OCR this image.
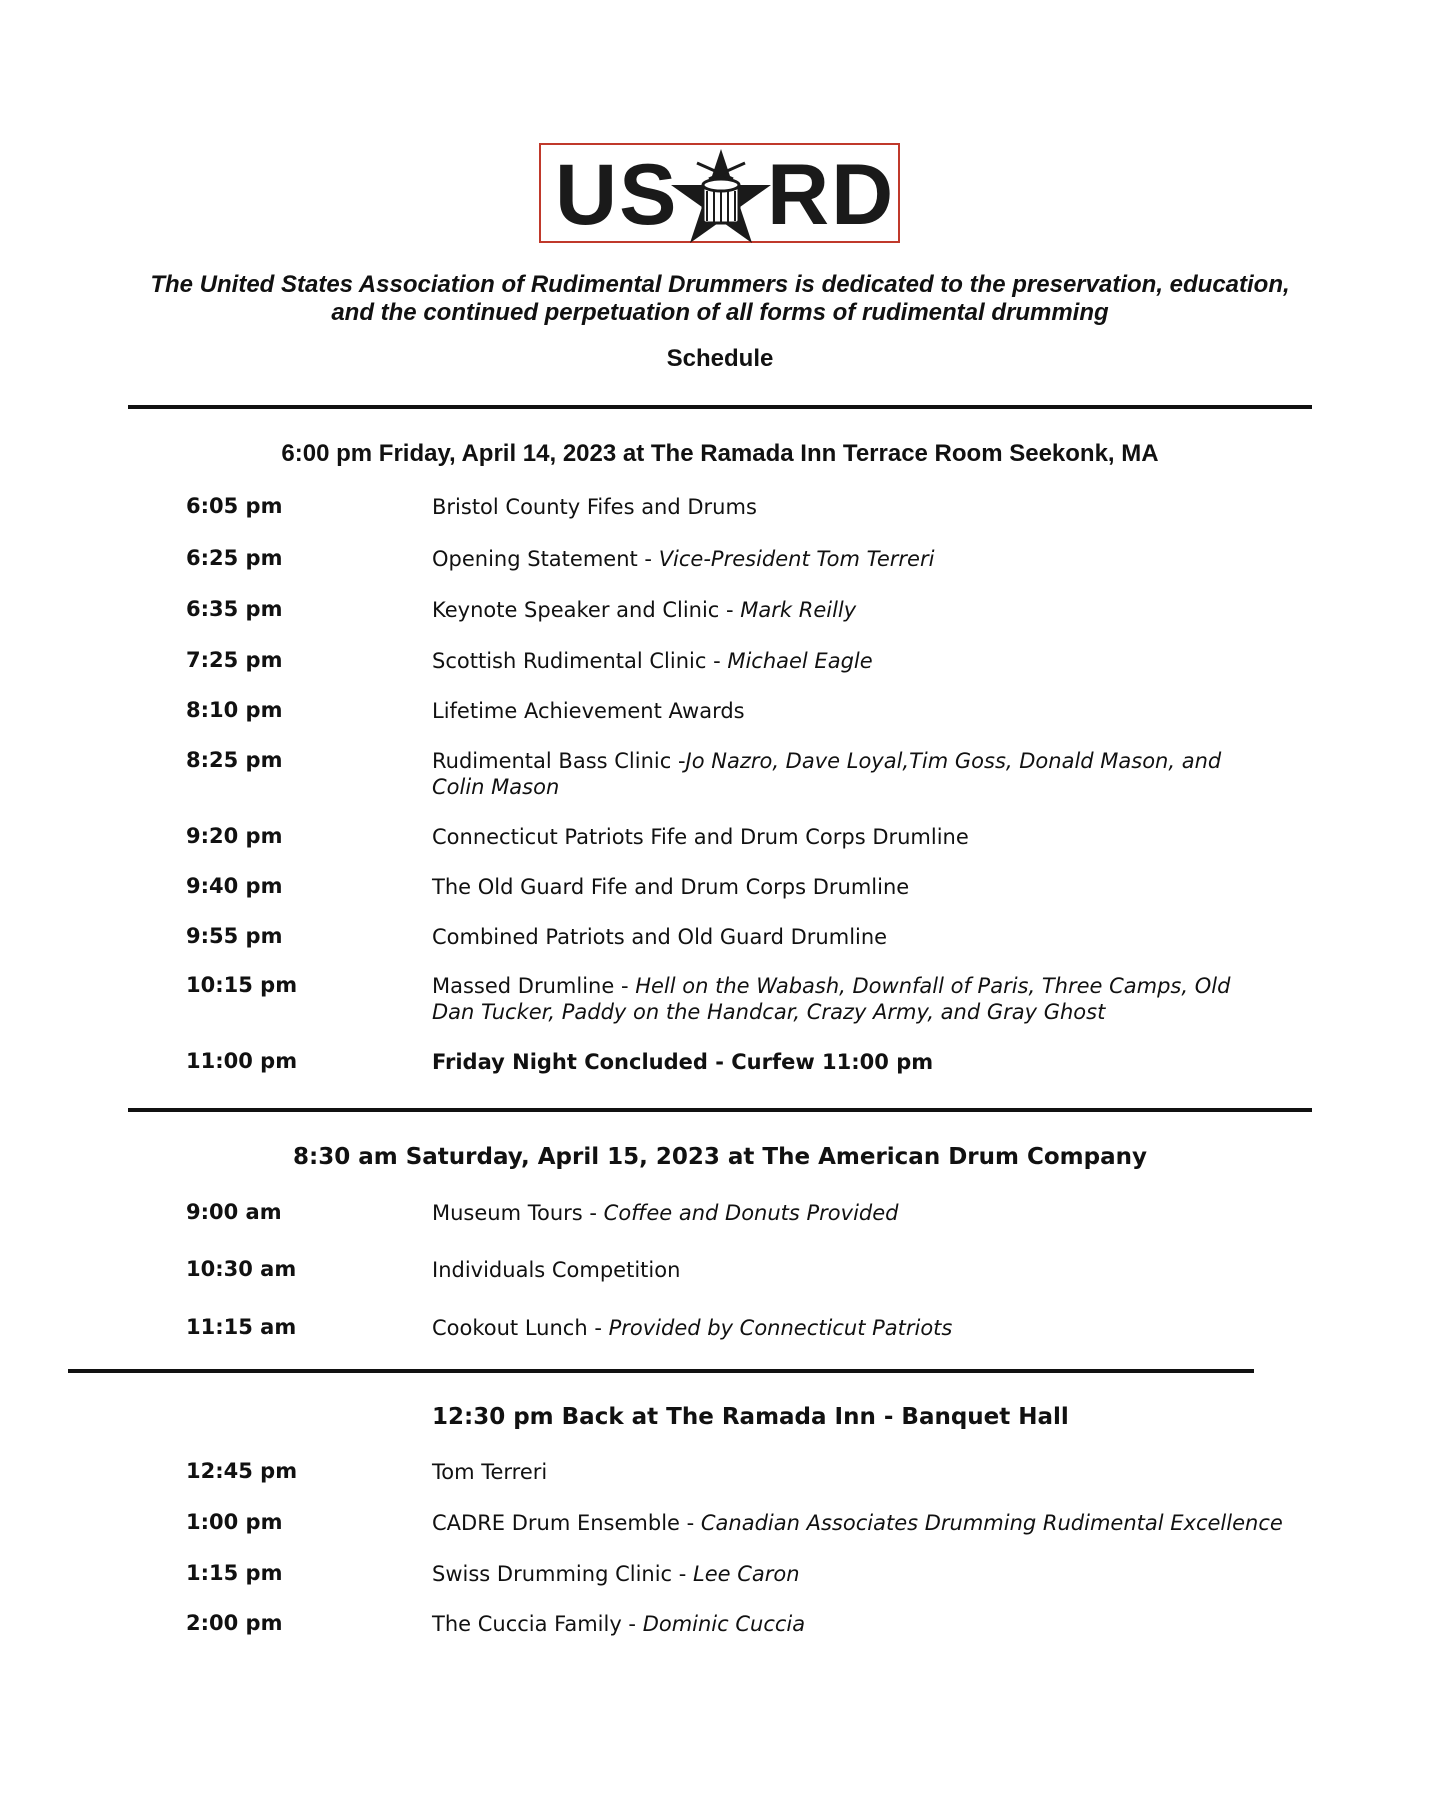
US RD
The United States Association of Rudimental Drummers is dedicated to the preservation, education, and the continued perpetuation of all forms of rudimental drumming
Schedule
6:00 pm Friday, April 14, 2023 at The Ramada Inn Terrace Room Seekonk, MA
6:05 pm	Bristol County Fifes and Drums
6:25 pm	Opening Statement - Vice-President Tom Terreri
6:35 pm	Keynote Speaker and Clinic - Mark Reilly
7:25 pm	Scottish Rudimental Clinic - Michael Eagle
8:10 pm	Lifetime Achievement Awards
8:25 pm	Rudimental Bass Clinic -Jo Nazro, Dave Loyal,Tim Goss, Donald Mason, and Colin Mason
9:20 pm	Connecticut Patriots Fife and Drum Corps Drumline
9:40 pm	The Old Guard Fife and Drum Corps Drumline
9:55 pm	Combined Patriots and Old Guard Drumline
10:15 pm	Massed Drumline - Hell on the Wabash, Downfall of Paris, Three Camps, Old Dan Tucker, Paddy on the Handcar, Crazy Army, and Gray Ghost
11:00 pm	Friday Night Concluded - Curfew 11:00 pm
8:30 am Saturday, April 15, 2023 at The American Drum Company
9:00 am	Museum Tours - Coffee and Donuts Provided
10:30 am	Individuals Competition
11:15 am	Cookout Lunch - Provided by Connecticut Patriots
12:30 pm Back at The Ramada Inn - Banquet Hall
12:45 pm	Tom Terreri
1:00 pm	CADRE Drum Ensemble - Canadian Associates Drumming Rudimental Excellence
1:15 pm	Swiss Drumming Clinic - Lee Caron
2:00 pm	The Cuccia Family - Dominic Cuccia
